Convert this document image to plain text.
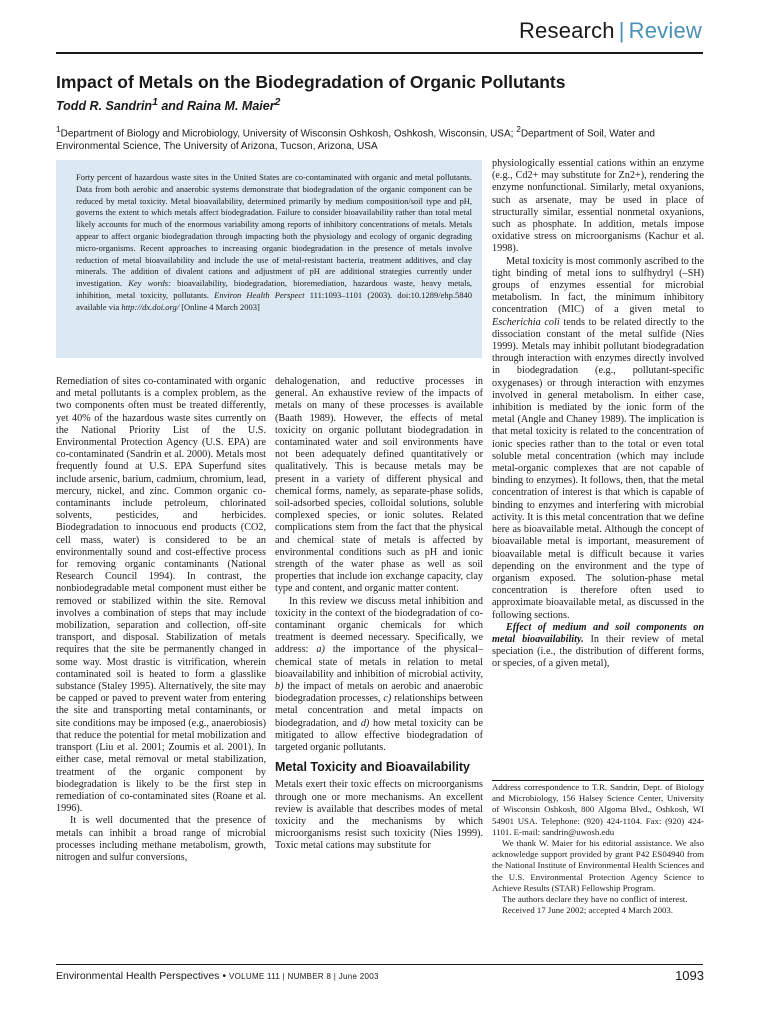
Research | Review
Impact of Metals on the Biodegradation of Organic Pollutants
Todd R. Sandrin$^1$ and Raina M. Maier$^2$
$^1$Department of Biology and Microbiology, University of Wisconsin Oshkosh, Oshkosh, Wisconsin, USA; $^2$Department of Soil, Water and Environmental Science, The University of Arizona, Tucson, Arizona, USA
Forty percent of hazardous waste sites in the United States are co-contaminated with organic and metal pollutants. Data from both aerobic and anaerobic systems demonstrate that biodegradation of the organic component can be reduced by metal toxicity. Metal bioavailability, determined primarily by medium composition/soil type and pH, governs the extent to which metals affect biodegradation. Failure to consider bioavailability rather than total metal likely accounts for much of the enormous variability among reports of inhibitory concentrations of metals. Metals appear to affect organic biodegradation through impacting both the physiology and ecology of organic degrading micro-organisms. Recent approaches to increasing organic biodegradation in the presence of metals involve reduction of metal bioavailability and include the use of metal-resistant bacteria, treatment additives, and clay minerals. The addition of divalent cations and adjustment of pH are additional strategies currently under investigation. Key words: bioavailability, biodegradation, bioremediation, hazardous waste, heavy metals, inhibition, metal toxicity, pollutants. Environ Health Perspect 111:1093–1101 (2003). doi:10.1289/ehp.5840 available via http://dx.doi.org/ [Online 4 March 2003]

Remediation of sites co-contaminated with organic and metal pollutants is a complex problem, as the two components often must be treated differently, yet 40% of the hazardous waste sites currently on the National Priority List of the U.S. Environmental Protection Agency (U.S. EPA) are co-contaminated (Sandrin et al. 2000). Metals most frequently found at U.S. EPA Superfund sites include arsenic, barium, cadmium, chromium, lead, mercury, nickel, and zinc. Common organic co-contaminants include petroleum, chlorinated solvents, pesticides, and herbicides. Biodegradation to innocuous end products (CO2, cell mass, water) is considered to be an environmentally sound and cost-effective process for removing organic contaminants (National Research Council 1994). In contrast, the nonbiodegradable metal component must either be removed or stabilized within the site. Removal involves a combination of steps that may include mobilization, separation and collection, off-site transport, and disposal. Stabilization of metals requires that the site be permanently changed in some way. Most drastic is vitrification, wherein contaminated soil is heated to form a glasslike substance (Staley 1995). Alternatively, the site may be capped or paved to prevent water from entering the site and transporting metal contaminants, or site conditions may be imposed (e.g., anaerobiosis) that reduce the potential for metal mobilization and transport (Liu et al. 2001; Zoumis et al. 2001). In either case, metal removal or metal stabilization, treatment of the organic component by biodegradation is likely to be the first step in remediation of co-contaminated sites (Roane et al. 1996).

It is well documented that the presence of metals can inhibit a broad range of microbial processes including methane metabolism, growth, nitrogen and sulfur conversions,

dehalogenation, and reductive processes in general. An exhaustive review of the impacts of metals on many of these processes is available (Baath 1989). However, the effects of metal toxicity on organic pollutant biodegradation in contaminated water and soil environments have not been adequately defined quantitatively or qualitatively. This is because metals may be present in a variety of different physical and chemical forms, namely, as separate-phase solids, soil-adsorbed species, colloidal solutions, soluble complexed species, or ionic solutes. Related complications stem from the fact that the physical and chemical state of metals is affected by environmental conditions such as pH and ionic strength of the water phase as well as soil properties that include ion exchange capacity, clay type and content, and organic matter content.

In this review we discuss metal inhibition and toxicity in the context of the biodegradation of co-contaminant organic chemicals for which treatment is deemed necessary. Specifically, we address: a) the importance of the physical–chemical state of metals in relation to metal bioavailability and inhibition of microbial activity, b) the impact of metals on aerobic and anaerobic biodegradation processes, c) relationships between metal concentration and metal impacts on biodegradation, and d) how metal toxicity can be mitigated to allow effective biodegradation of targeted organic pollutants.

Metal Toxicity and Bioavailability

Metals exert their toxic effects on microorganisms through one or more mechanisms. An excellent review is available that describes modes of metal toxicity and the mechanisms by which microorganisms resist such toxicity (Nies 1999). Toxic metal cations may substitute for

physiologically essential cations within an enzyme (e.g., Cd2+ may substitute for Zn2+), rendering the enzyme nonfunctional. Similarly, metal oxyanions, such as arsenate, may be used in place of structurally similar, essential nonmetal oxyanions, such as phosphate. In addition, metals impose oxidative stress on microorganisms (Kachur et al. 1998).

Metal toxicity is most commonly ascribed to the tight binding of metal ions to sulfhydryl (–SH) groups of enzymes essential for microbial metabolism. In fact, the minimum inhibitory concentration (MIC) of a given metal to Escherichia coli tends to be related directly to the dissociation constant of the metal sulfide (Nies 1999). Metals may inhibit pollutant biodegradation through interaction with enzymes directly involved in biodegradation (e.g., pollutant-specific oxygenases) or through interaction with enzymes involved in general metabolism. In either case, inhibition is mediated by the ionic form of the metal (Angle and Chaney 1989). The implication is that metal toxicity is related to the concentration of ionic species rather than to the total or even total soluble metal concentration (which may include metal-organic complexes that are not capable of binding to enzymes). It follows, then, that the metal concentration of interest is that which is capable of binding to enzymes and interfering with microbial activity. It is this metal concentration that we define here as bioavailable metal. Although the concept of bioavailable metal is important, measurement of bioavailable metal is difficult because it varies depending on the environment and the type of organism exposed. The solution-phase metal concentration is therefore often used to approximate bioavailable metal, as discussed in the following sections.

Effect of medium and soil components on metal bioavailability. In their review of metal speciation (i.e., the distribution of different forms, or species, of a given metal),

Address correspondence to T.R. Sandrin, Dept. of Biology and Microbiology, 156 Halsey Science Center, University of Wisconsin Oshkosh, 800 Algoma Blvd., Oshkosh, WI 54901 USA. Telephone: (920) 424-1104. Fax: (920) 424-1101. E-mail: sandrin@uwosh.edu

We thank W. Maier for his editorial assistance. We also acknowledge support provided by grant P42 ES04940 from the National Institute of Environmental Health Sciences and the U.S. Environmental Protection Agency Science to Achieve Results (STAR) Fellowship Program.

The authors declare they have no conflict of interest.

Received 17 June 2002; accepted 4 March 2003.

Environmental Health Perspectives • VOLUME 111 | NUMBER 8 | June 2003	1093
